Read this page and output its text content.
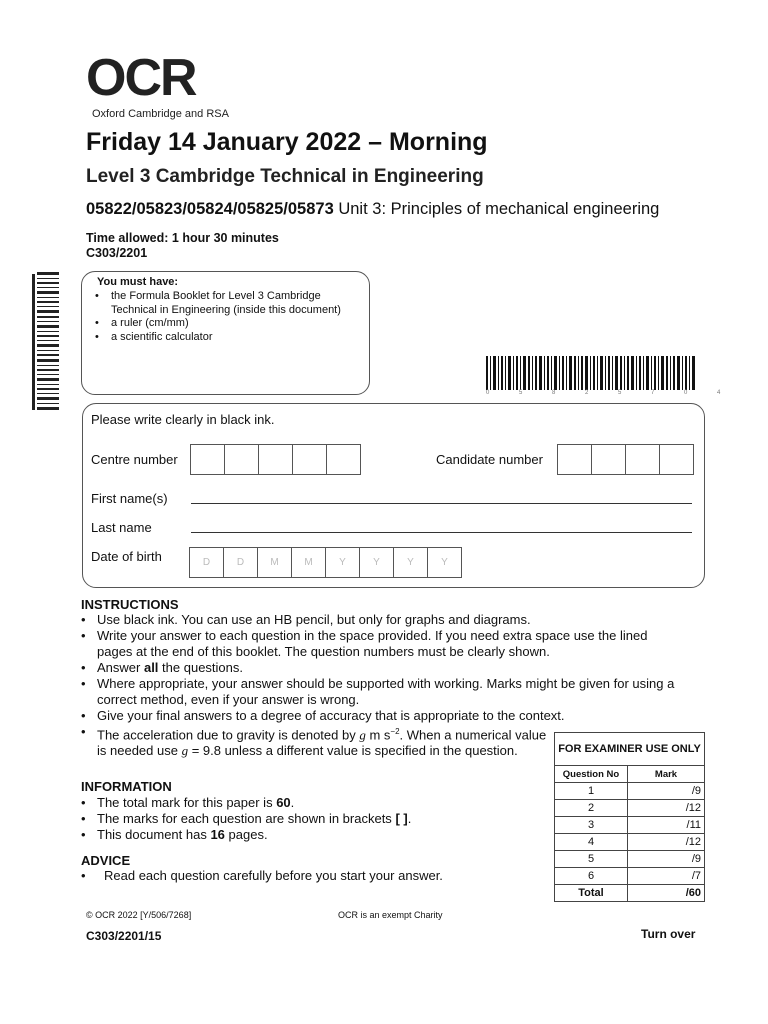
OCR
Oxford Cambridge and RSA
Friday 14 January 2022 – Morning
Level 3 Cambridge Technical in Engineering
05822/05823/05824/05825/05873 Unit 3: Principles of mechanical engineering
Time allowed: 1 hour 30 minutes
C303/2201
You must have:
• the Formula Booklet for Level 3 Cambridge Technical in Engineering (inside this document)
• a ruler (cm/mm)
• a scientific calculator
0 5 8 2 5 7 0 4
Please write clearly in black ink.
Centre number	Candidate number
First name(s)
Last name
Date of birth	D	D	M	M	Y	Y	Y	Y
INSTRUCTIONS
• Use black ink. You can use an HB pencil, but only for graphs and diagrams.
• Write your answer to each question in the space provided. If you need extra space use the lined pages at the end of this booklet. The question numbers must be clearly shown.
• Answer all the questions.
• Where appropriate, your answer should be supported with working. Marks might be given for using a correct method, even if your answer is wrong.
• Give your final answers to a degree of accuracy that is appropriate to the context.
• The acceleration due to gravity is denoted by g m $s^{-2}$. When a numerical value is needed use g = 9.8 unless a different value is specified in the question.
INFORMATION
• The total mark for this paper is 60.
• The marks for each question are shown in brackets [ ].
• This document has 16 pages.
ADVICE
• Read each question carefully before you start your answer.
FOR EXAMINER USE ONLY	
Question No	Mark
1	/9
2	/12
3	/11
4	/12
5	/9
6	/7
Total	/60
© OCR 2022 [Y/506/7268]	OCR is an exempt Charity
C303/2201/15	Turn over
